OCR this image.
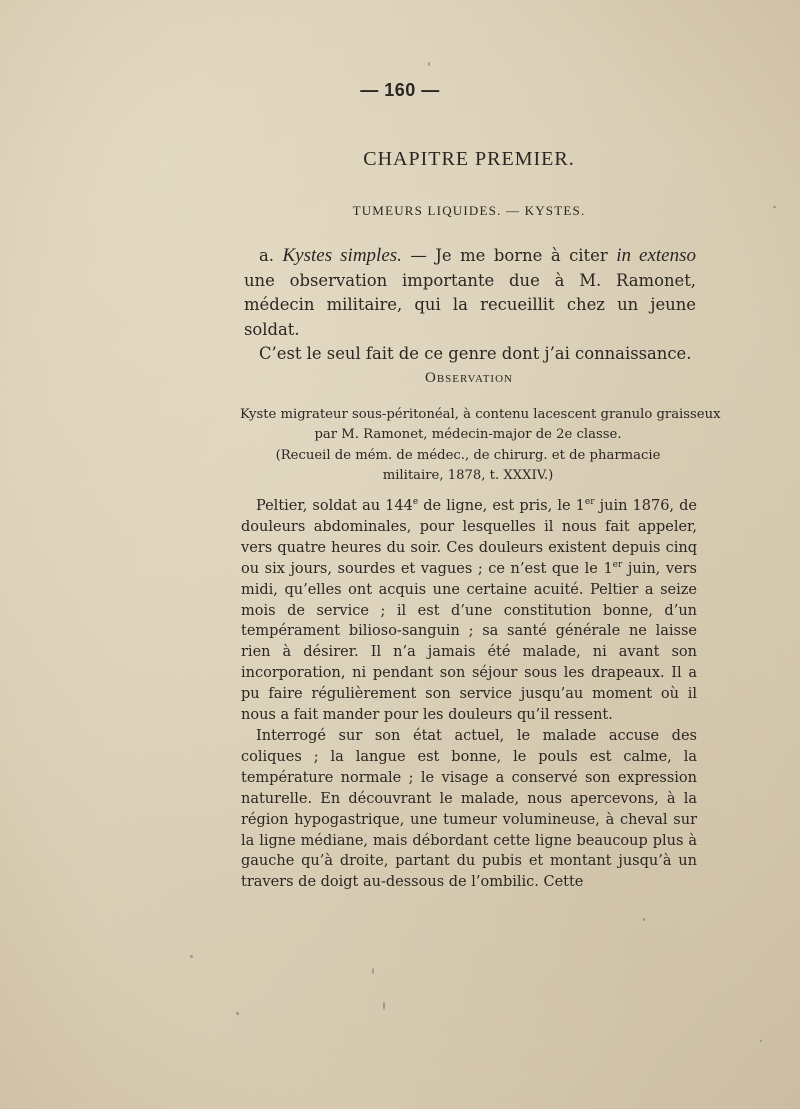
— 160 —
CHAPITRE PREMIER.
TUMEURS LIQUIDES. — KYSTES.

a. Kystes simples. — Je me borne à citer in extenso une observation importante due à M. Ramonet, médecin militaire, qui la recueillit chez un jeune soldat.

C’est le seul fait de ce genre dont j’ai connaissance.

Observation
Kyste migrateur sous-péritonéal, à contenu lacescent granulo graisseux
par M. Ramonet, médecin-major de 2e classe.
(Recueil de mém. de médec., de chirurg. et de pharmacie
militaire, 1878, t. XXXIV.)

Peltier, soldat au 144e de ligne, est pris, le 1er juin 1876, de douleurs abdominales, pour lesquelles il nous fait appeler, vers quatre heures du soir. Ces douleurs existent depuis cinq ou six jours, sourdes et vagues ; ce n’est que le 1er juin, vers midi, qu’elles ont acquis une certaine acuité. Peltier a seize mois de service ; il est d’une constitution bonne, d’un tempérament bilioso-sanguin ; sa santé générale ne laisse rien à désirer. Il n’a jamais été malade, ni avant son incorporation, ni pendant son séjour sous les drapeaux. Il a pu faire régulièrement son service jusqu’au moment où il nous a fait mander pour les douleurs qu’il ressent.

Interrogé sur son état actuel, le malade accuse des coliques ; la langue est bonne, le pouls est calme, la température normale ; le visage a conservé son expression naturelle. En découvrant le malade, nous apercevons, à la région hypogastrique, une tumeur volumineuse, à cheval sur la ligne médiane, mais débordant cette ligne beaucoup plus à gauche qu’à droite, partant du pubis et montant jusqu’à un travers de doigt au-dessous de l’ombilic. Cette
